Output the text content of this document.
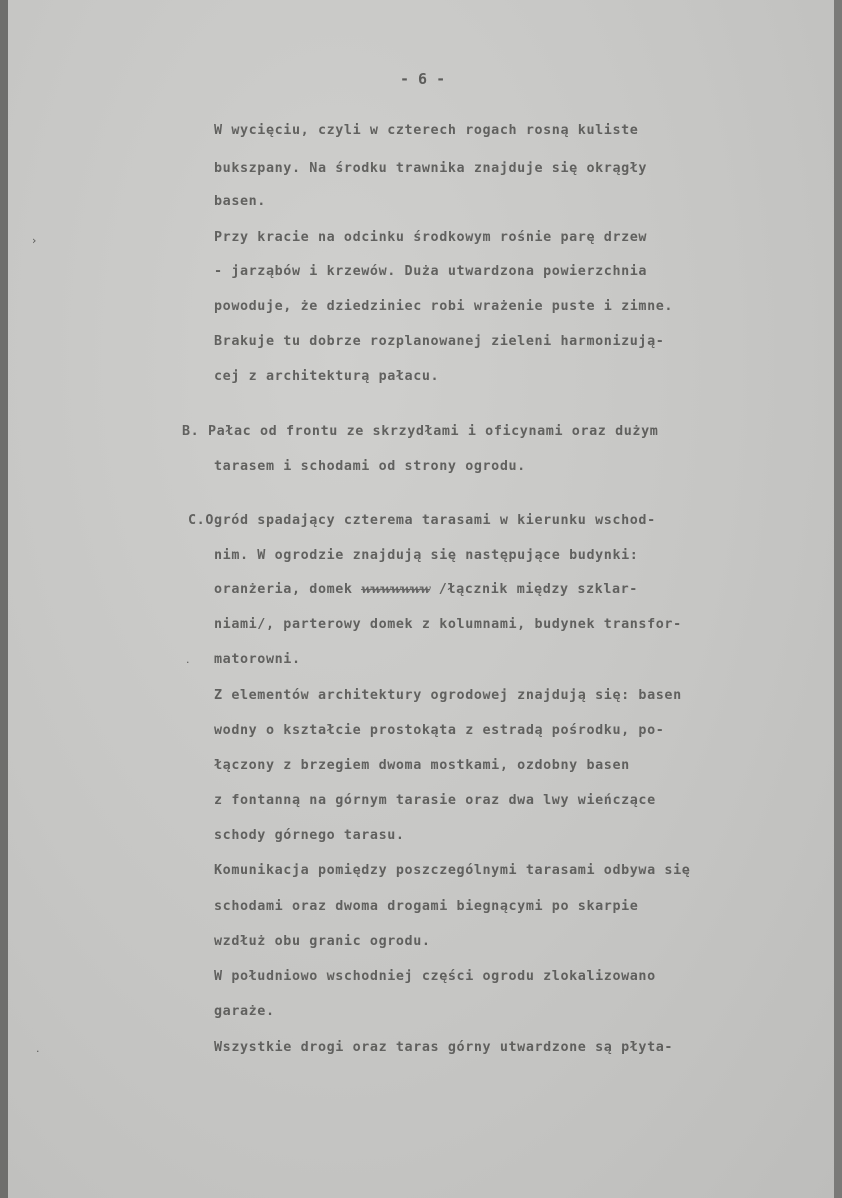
- 6 -

W wycięciu, czyli w czterech rogach rosną kuliste

bukszpany. Na środku trawnika znajduje się okrągły

basen.

Przy kracie na odcinku środkowym rośnie parę drzew

- jarząbów i krzewów. Duża utwardzona powierzchnia

powoduje, że dziedziniec robi wrażenie puste i zimne.

Brakuje tu dobrze rozplanowanej zieleni harmonizują-

cej z architekturą pałacu.

B. Pałac od frontu ze skrzydłami i oficynami oraz dużym

tarasem i schodami od strony ogrodu.

C.Ogród spadający czterema tarasami w kierunku wschod-

nim. W ogrodzie znajdują się następujące budynki:

oranżeria, domek wwwwwww /łącznik między szklar-

niami/, parterowy domek z kolumnami, budynek transfor-

matorowni.

Z elementów architektury ogrodowej znajdują się: basen

wodny o kształcie prostokąta z estradą pośrodku, po-

łączony z brzegiem dwoma mostkami, ozdobny basen

z fontanną na górnym tarasie oraz dwa lwy wieńczące

schody górnego tarasu.

Komunikacja pomiędzy poszczególnymi tarasami odbywa się

schodami oraz dwoma drogami biegnącymi po skarpie

wzdłuż obu granic ogrodu.

W południowo wschodniej części ogrodu zlokalizowano

garaże.

Wszystkie drogi oraz taras górny utwardzone są płyta-

›
·
·
